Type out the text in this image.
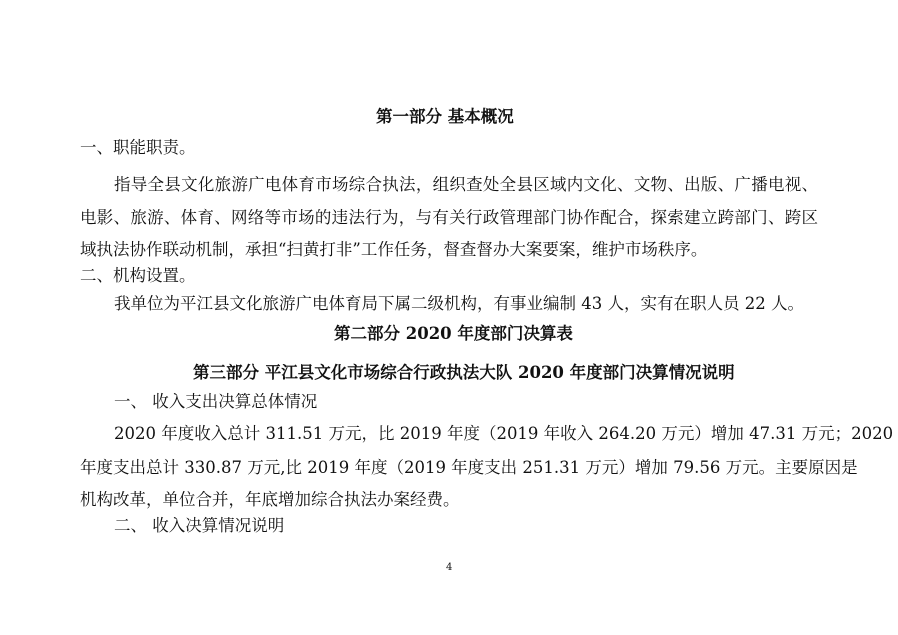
第一部分 基本概况
一、职能职责。
指导全县文化旅游广电体育市场综合执法，组织查处全县区域内文化、文物、出版、广播电视、
电影、旅游、体育、网络等市场的违法行为，与有关行政管理部门协作配合，探索建立跨部门、跨区
域执法协作联动机制，承担“扫黄打非”工作任务，督查督办大案要案，维护市场秩序。
二、机构设置。
我单位为平江县文化旅游广电体育局下属二级机构，有事业编制 43 人，实有在职人员 22 人。
第二部分 2020 年度部门决算表
第三部分 平江县文化市场综合行政执法大队 2020 年度部门决算情况说明
一、 收入支出决算总体情况
2020 年度收入总计 311.51 万元，比 2019 年度（2019 年收入 264.20 万元）增加 47.31 万元；2020
年度支出总计 330.87 万元,比 2019 年度（2019 年度支出 251.31 万元）增加 79.56 万元。主要原因是
机构改革，单位合并，年底增加综合执法办案经费。
二、 收入决算情况说明
4
